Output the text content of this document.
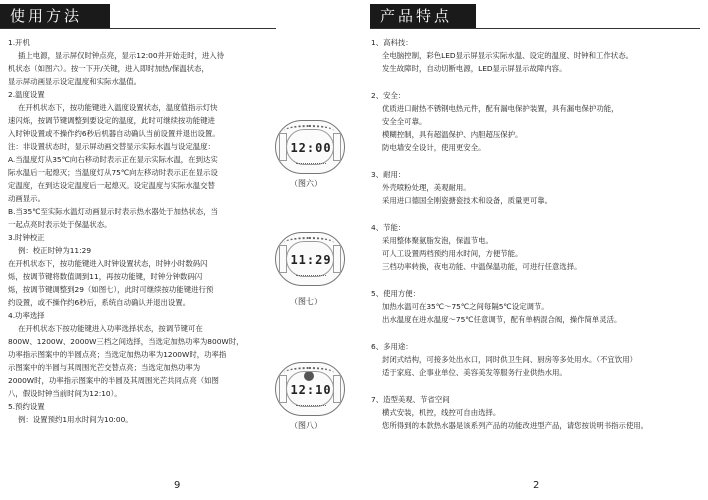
使用方法
1.开机
插上电源，显示屏仅时钟点亮，显示12:00并开始走时，进入待
机状态（如图六）。按一下开/关键，进入即时加热/保温状态，
显示屏动画显示设定温度和实际水温值。
2.温度设置
在开机状态下，按功能键进入温度设置状态，温度值指示灯快
速闪烁，按调节键调整到要设定的温度，此时可继续按功能键进
入时钟设置或不操作约6秒后机器自动确认当前设置并退出设置。
注：非设置状态时，显示屏动画交替显示实际水温与设定温度：
A.当温度灯从35℃向右移动时表示正在显示实际水温，在到达实
际水温后一起熄灭；当温度灯从75℃向左移动时表示正在显示设
定温度，在到达设定温度后一起熄灭。设定温度与实际水温交替
动画显示。
B.当35℃至实际水温灯动画显示时表示热水器处于加热状态，当
一起点亮时表示处于保温状态。
3.时钟校正
例：校正时钟为11:29
在开机状态下，按功能键进入时钟设置状态，时钟小时数码闪
烁，按调节键将数值调到11，再按功能键，时钟分钟数码闪
烁，按调节键调整到29（如图七），此时可继续按功能键进行预
约设置，或不操作约6秒后，系统自动确认并退出设置。
4.功率选择
在开机状态下按功能键进入功率选择状态，按调节键可在
800W、1200W、2000W三档之间选择，当选定加热功率为800W时，
功率指示图案中的半圆点亮；当选定加热功率为1200W时，功率指
示图案中的半圆与其周围光芒交替点亮；当选定加热功率为
2000W时，功率指示图案中的半圆及其周围光芒共同点亮（如图
八，假设时钟当前时间为12:10）。
5.预约设置
例：设置预约1用水时间为10:00。
12:00
（图六）
11:29
（图七）
12:10
（图八）
9
产品特点
1、高科技：
全电脑控制，彩色LED显示屏显示实际水温、设定的温度、时钟和工作状态。
发生故障时，自动切断电源，LED显示屏显示故障内容。
2、安全：
优质进口耐热不锈钢电热元件，配有漏电保护装置，具有漏电保护功能，
安全全可靠。
模糊控制，具有超温保护、内胆超压保护。
防电墙安全设计，使用更安全。
3、耐用：
外壳喷粉处理，美观耐用。
采用进口德国全刚瓷搪瓷技术和设备，质量更可靠。
4、节能：
采用整体聚氨脂发泡，保温节电。
可人工设置两档预约用水时间，方便节能。
三档功率转换，夜电功能、中温保温功能，可进行任意选择。
5、使用方便：
加热水温可在35℃～75℃之间每隔5℃设定调节。
出水温度在进水温度～75℃任意调节，配有单柄混合阀，操作简单灵活。
6、多用途：
封闭式结构，可接多处出水口，同时供卫生间、厨房等多处用水。（不宜饮用）
适于家庭、企事业单位、美容美发等服务行业供热水用。
7、造型美观、节省空间
横式安装，机控，线控可自由选择。
您所得到的本款热水器是该系列产品的功能改进型产品，请您按说明书指示使用。
2
